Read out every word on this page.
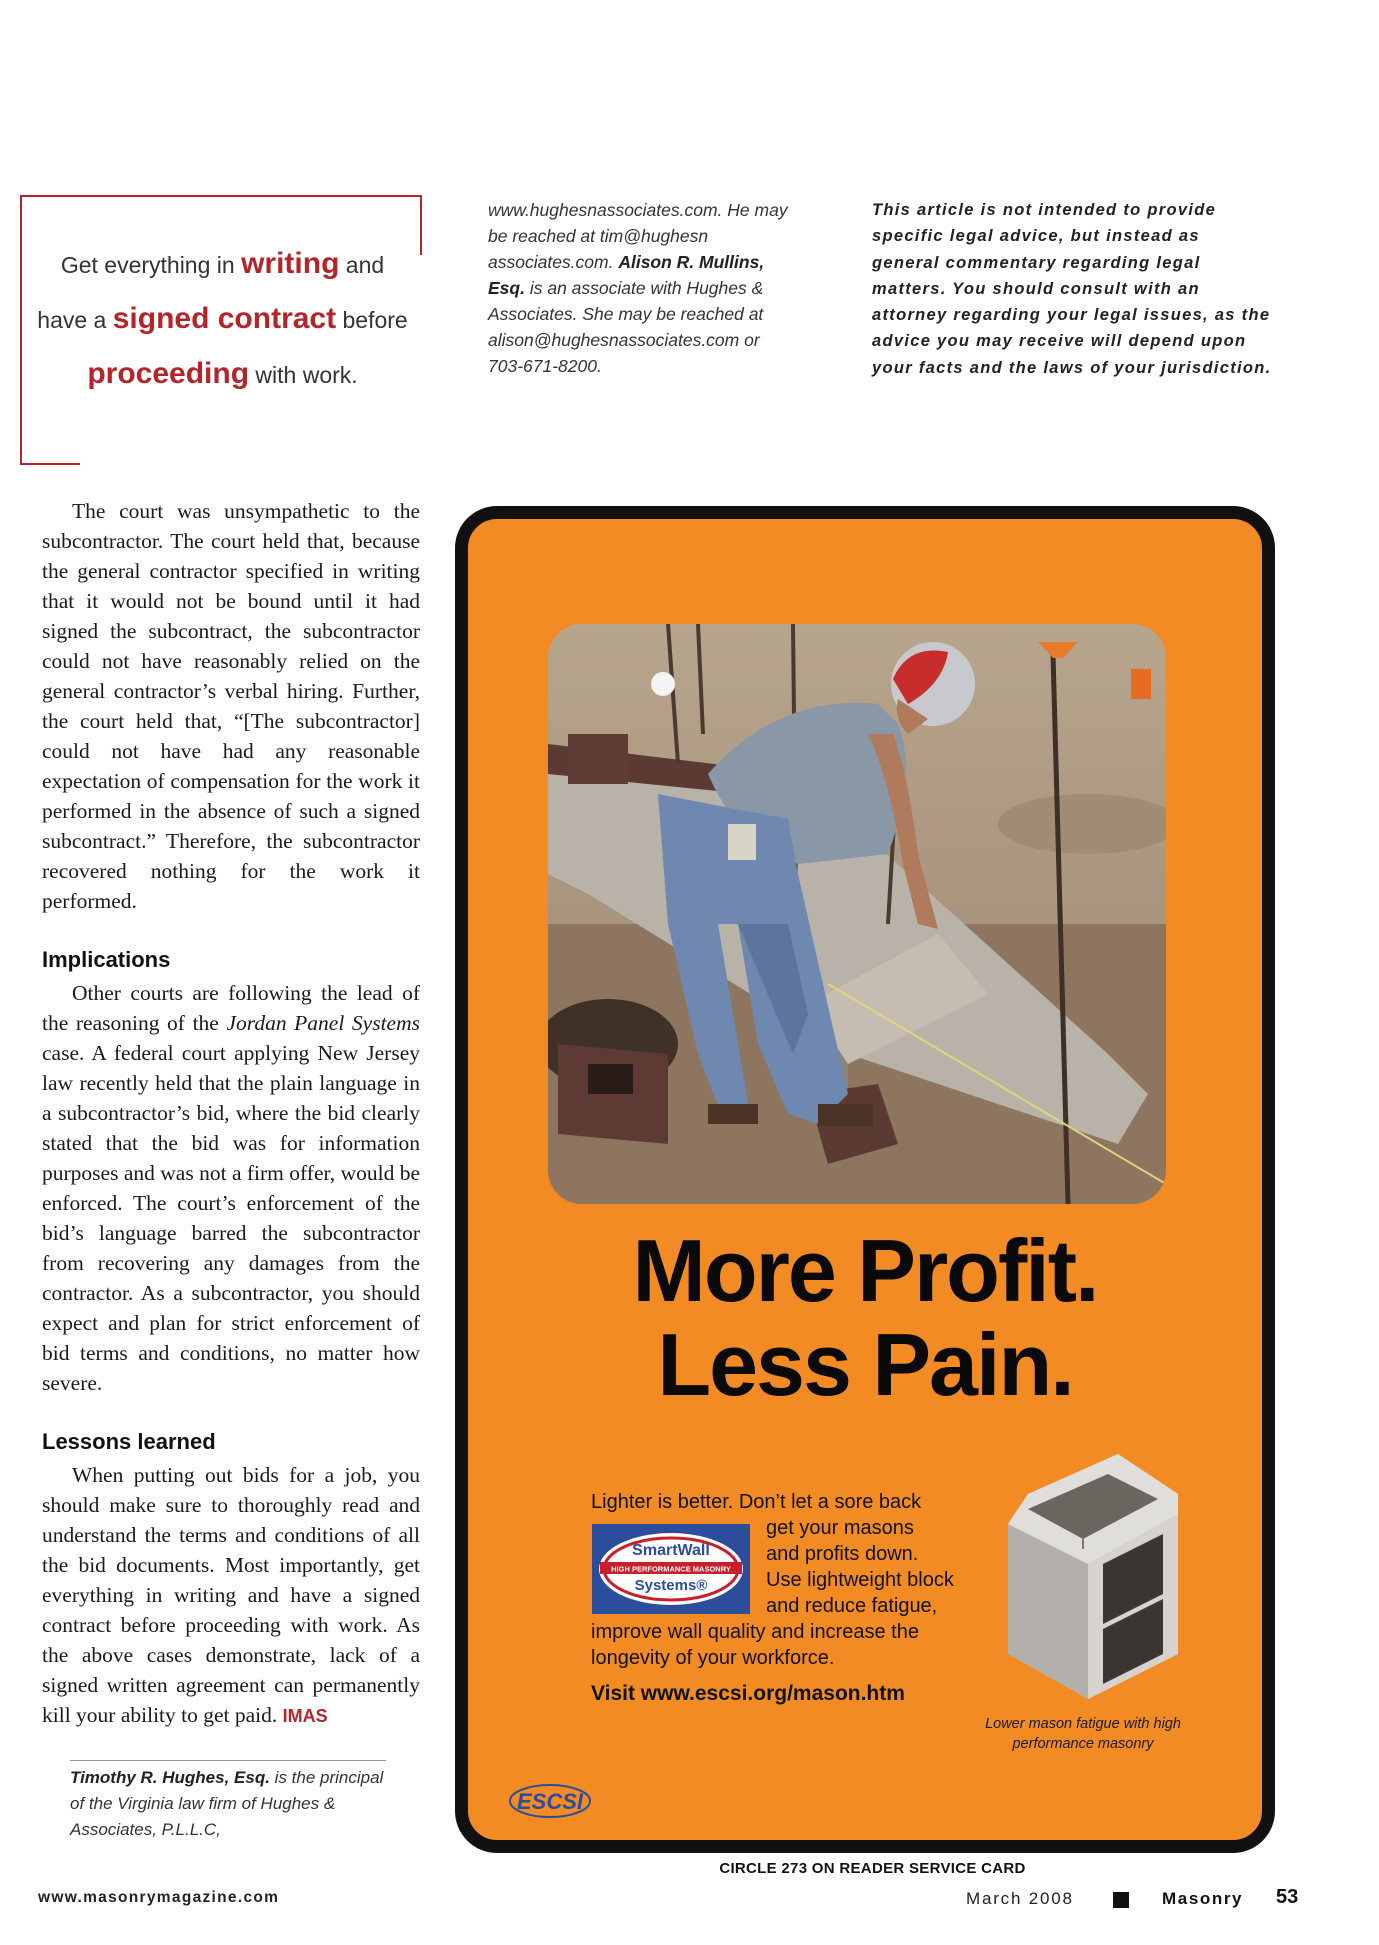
Get everything in writing and
have a signed contract before
proceeding with work.
www.hughesnassociates.com. He may be reached at tim@hughesn associates.com. Alison R. Mullins, Esq. is an associate with Hughes & Associates. She may be reached at alison@hughesnassociates.com or 703-671-8200.
This article is not intended to provide specific legal advice, but instead as general commentary regarding legal matters. You should consult with an attorney regarding your legal issues, as the advice you may receive will depend upon your facts and the laws of your jurisdiction.

The court was unsympathetic to the subcontractor. The court held that, because the general contractor specified in writing that it would not be bound until it had signed the subcontract, the subcontractor could not have reasonably relied on the general contractor’s verbal hiring. Further, the court held that, “[The subcontractor] could not have had any reasonable expectation of compensation for the work it performed in the absence of such a signed subcontract.” Therefore, the subcontractor recovered nothing for the work it performed.

Implications

Other courts are following the lead of the reasoning of the Jordan Panel Systems case. A federal court applying New Jersey law recently held that the plain language in a subcontractor’s bid, where the bid clearly stated that the bid was for information purposes and was not a firm offer, would be enforced. The court’s enforcement of the bid’s language barred the subcontractor from recovering any damages from the contractor. As a subcontractor, you should expect and plan for strict enforcement of bid terms and conditions, no matter how severe.

Lessons learned

When putting out bids for a job, you should make sure to thoroughly read and understand the terms and conditions of all the bid documents. Most importantly, get everything in writing and have a signed contract before proceeding with work. As the above cases demonstrate, lack of a signed written agreement can permanently kill your ability to get paid. IMAS

Timothy R. Hughes, Esq. is the principal of the Virginia law firm of Hughes & Associates, P.L.L.C,
More Profit.
Less Pain.
Lighter is better. Don’t let a sore back
get your masons
and profits down.
Use lightweight block
and reduce fatigue,
improve wall quality and increase the
longevity of your workforce.
SmartWall
HIGH PERFORMANCE MASONRY
Systems®
Visit www.escsi.org/mason.htm
Lower mason fatigue with high performance masonry
ESCSI
CIRCLE 273 ON READER SERVICE CARD
www.masonrymagazine.com	March 2008	Masonry 53
